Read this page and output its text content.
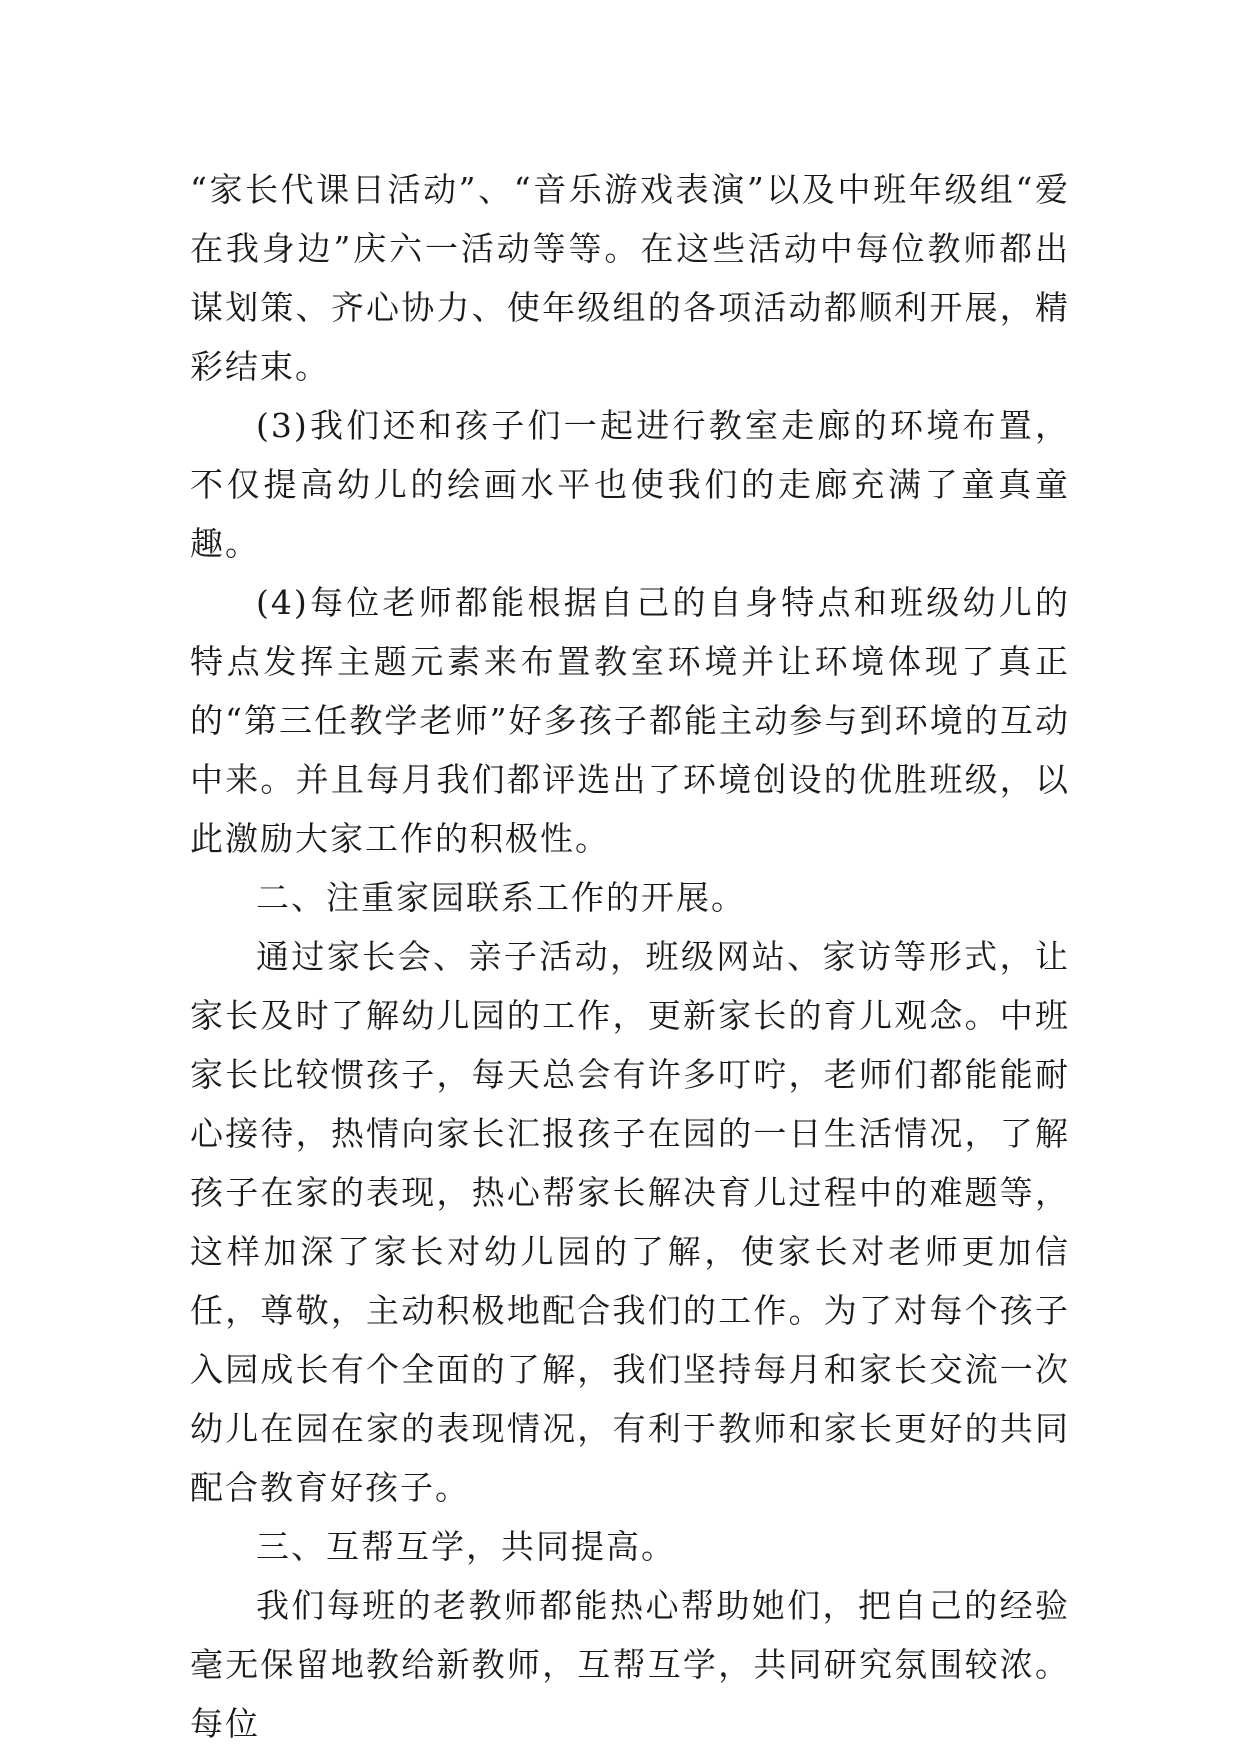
“家长代课日活动”、“音乐游戏表演”以及中班年级组“爱在我身边”庆六一活动等等。在这些活动中每位教师都出谋划策、齐心协力、使年级组的各项活动都顺利开展，精彩结束。

(3)我们还和孩子们一起进行教室走廊的环境布置，不仅提高幼儿的绘画水平也使我们的走廊充满了童真童趣。

(4)每位老师都能根据自己的自身特点和班级幼儿的特点发挥主题元素来布置教室环境并让环境体现了真正的“第三任教学老师”好多孩子都能主动参与到环境的互动中来。并且每月我们都评选出了环境创设的优胜班级，以此激励大家工作的积极性。

二、注重家园联系工作的开展。

通过家长会、亲子活动，班级网站、家访等形式，让家长及时了解幼儿园的工作，更新家长的育儿观念。中班家长比较惯孩子，每天总会有许多叮咛，老师们都能能耐心接待，热情向家长汇报孩子在园的一日生活情况，了解孩子在家的表现，热心帮家长解决育儿过程中的难题等，这样加深了家长对幼儿园的了解，使家长对老师更加信任，尊敬，主动积极地配合我们的工作。为了对每个孩子入园成长有个全面的了解，我们坚持每月和家长交流一次幼儿在园在家的表现情况，有利于教师和家长更好的共同配合教育好孩子。

三、互帮互学，共同提高。

我们每班的老教师都能热心帮助她们，把自己的经验毫无保留地教给新教师，互帮互学，共同研究氛围较浓。每位
